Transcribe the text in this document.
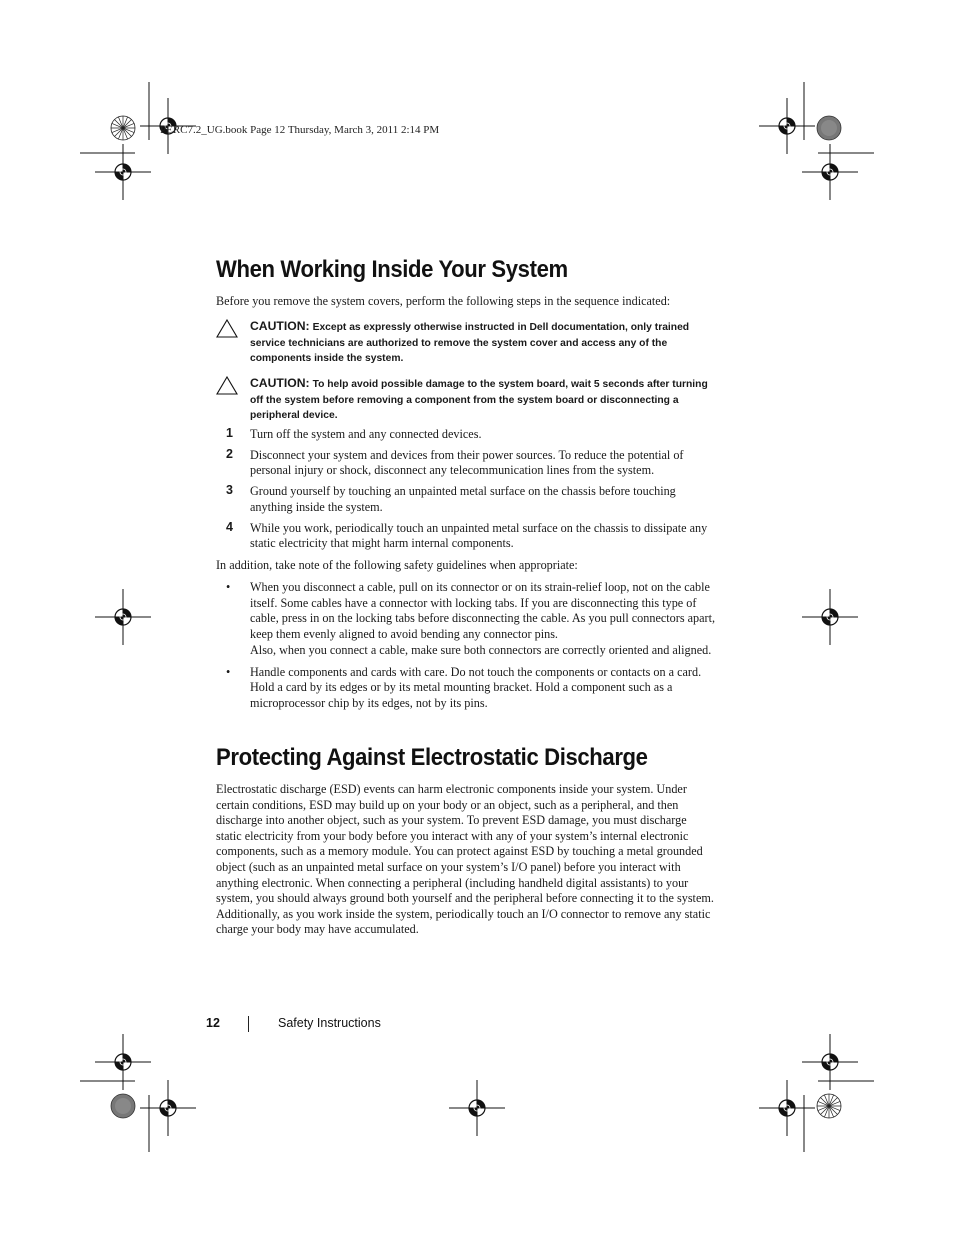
PERC7.2_UG.book Page 12 Thursday, March 3, 2011 2:14 PM
When Working Inside Your System
Before you remove the system covers, perform the following steps in the sequence indicated:
CAUTION: Except as expressly otherwise instructed in Dell documentation, only trained service technicians are authorized to remove the system cover and access any of the components inside the system.
CAUTION: To help avoid possible damage to the system board, wait 5 seconds after turning off the system before removing a component from the system board or disconnecting a peripheral device.
1 Turn off the system and any connected devices.
2 Disconnect your system and devices from their power sources. To reduce the potential of personal injury or shock, disconnect any telecommunication lines from the system.
3 Ground yourself by touching an unpainted metal surface on the chassis before touching anything inside the system.
4 While you work, periodically touch an unpainted metal surface on the chassis to dissipate any static electricity that might harm internal components.
In addition, take note of the following safety guidelines when appropriate:
• When you disconnect a cable, pull on its connector or on its strain-relief loop, not on the cable itself. Some cables have a connector with locking tabs. If you are disconnecting this type of cable, press in on the locking tabs before disconnecting the cable. As you pull connectors apart, keep them evenly aligned to avoid bending any connector pins.
Also, when you connect a cable, make sure both connectors are correctly oriented and aligned.
• Handle components and cards with care. Do not touch the components or contacts on a card. Hold a card by its edges or by its metal mounting bracket. Hold a component such as a microprocessor chip by its edges, not by its pins.
Protecting Against Electrostatic Discharge
Electrostatic discharge (ESD) events can harm electronic components inside your system. Under certain conditions, ESD may build up on your body or an object, such as a peripheral, and then discharge into another object, such as your system. To prevent ESD damage, you must discharge static electricity from your body before you interact with any of your system’s internal electronic components, such as a memory module. You can protect against ESD by touching a metal grounded object (such as an unpainted metal surface on your system’s I/O panel) before you interact with anything electronic. When connecting a peripheral (including handheld digital assistants) to your system, you should always ground both yourself and the peripheral before connecting it to the system. Additionally, as you work inside the system, periodically touch an I/O connector to remove any static charge your body may have accumulated.
12	Safety Instructions
